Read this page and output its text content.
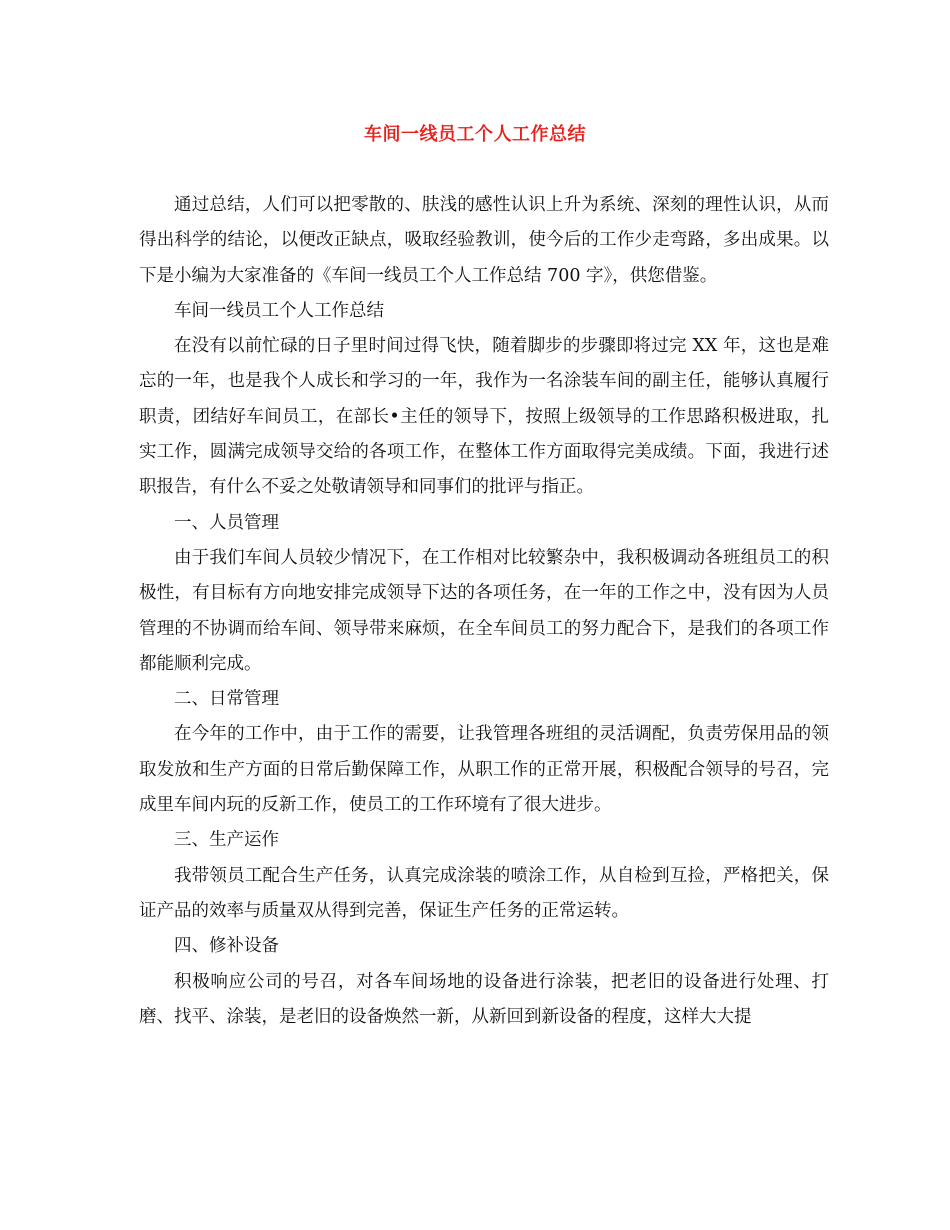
车间一线员工个人工作总结

通过总结，人们可以把零散的、肤浅的感性认识上升为系统、深刻的理性认识，从而得出科学的结论，以便改正缺点，吸取经验教训，使今后的工作少走弯路，多出成果。以下是小编为大家准备的《车间一线员工个人工作总结 700 字》，供您借鉴。

车间一线员工个人工作总结

在没有以前忙碌的日子里时间过得飞快，随着脚步的步骤即将过完 XX 年，这也是难忘的一年，也是我个人成长和学习的一年，我作为一名涂装车间的副主任，能够认真履行职责，团结好车间员工，在部长•主任的领导下，按照上级领导的工作思路积极进取，扎实工作，圆满完成领导交给的各项工作，在整体工作方面取得完美成绩。下面，我进行述职报告，有什么不妥之处敬请领导和同事们的批评与指正。

一、人员管理

由于我们车间人员较少情况下，在工作相对比较繁杂中，我积极调动各班组员工的积极性，有目标有方向地安排完成领导下达的各项任务，在一年的工作之中，没有因为人员管理的不协调而给车间、领导带来麻烦，在全车间员工的努力配合下，是我们的各项工作都能顺利完成。

二、日常管理

在今年的工作中，由于工作的需要，让我管理各班组的灵活调配，负责劳保用品的领取发放和生产方面的日常后勤保障工作，从职工作的正常开展，积极配合领导的号召，完成里车间内玩的反新工作，使员工的工作环境有了很大进步。

三、生产运作

我带领员工配合生产任务，认真完成涂装的喷涂工作，从自检到互捡，严格把关，保证产品的效率与质量双从得到完善，保证生产任务的正常运转。

四、修补设备

积极响应公司的号召，对各车间场地的设备进行涂装，把老旧的设备进行处理、打磨、找平、涂装，是老旧的设备焕然一新，从新回到新设备的程度，这样大大提
